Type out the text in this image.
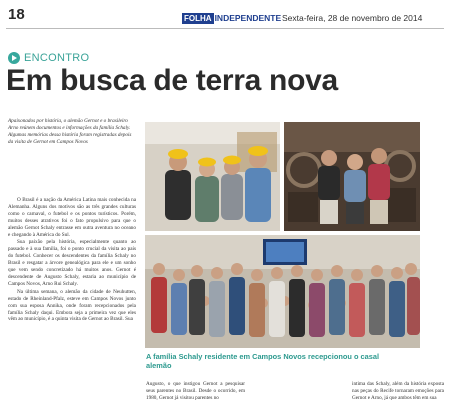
18	FOLHA INDEPENDENTE Sexta-feira, 28 de novembro de 2014
ENCONTRO
Em busca de terra nova

Apaixonados por história, o alemão Gernot e o brasileiro Arno reúnem documentos e informações da família Schaly. Algumas memórias dessa história foram registradas depois da visita de Gernot em Campos Novos

O Brasil é a nação da América Latina mais conhecida na Alemanha. Alguns dos motivos são as três grandes culturas como o carnaval, o futebol e os pontos turísticos. Porém, muitos desses atrativos foi o fato propulsivo para que o alemão Gernot Schaly entrasse em outra aventura no oceano e chegando à América do Sul.

Sua paixão pela história, especialmente quanto ao passado e à sua família, foi o ponto crucial da visita ao país do futebol. Conhecer os descendentes da família Schaly no Brasil e resgatar a árvore genealógica para ele e um sonho que vem sendo concretizado há muitos anos. Gernot é descendente de Augusto Schaly, estaria ao município de Campos Novos, Arno Rui Schaly.

Na última semana, o alemão da cidade de Neuhutten, estado de Rheinland-Pfalz, esteve em Campos Novos junto com sua esposa Annika, onde foram recepcionados pela família Schaly daqui. Embora seja a primeira vez que eles vêm ao município, é a quinta visita de Gernot ao Brasil. Sua

A família Schaly residente em Campos Novos recepcionou o casal alemão

Augusto, o que instigou Gernot a pesquisar seus parentes no Brasil. Desde o ocorrido, em 1980, Gernot já visitou parentes no
intima das Schaly, além da história exposta nas peças do Recife tornaram emoções para Gernot e Arno, já que ambos têm em sua
